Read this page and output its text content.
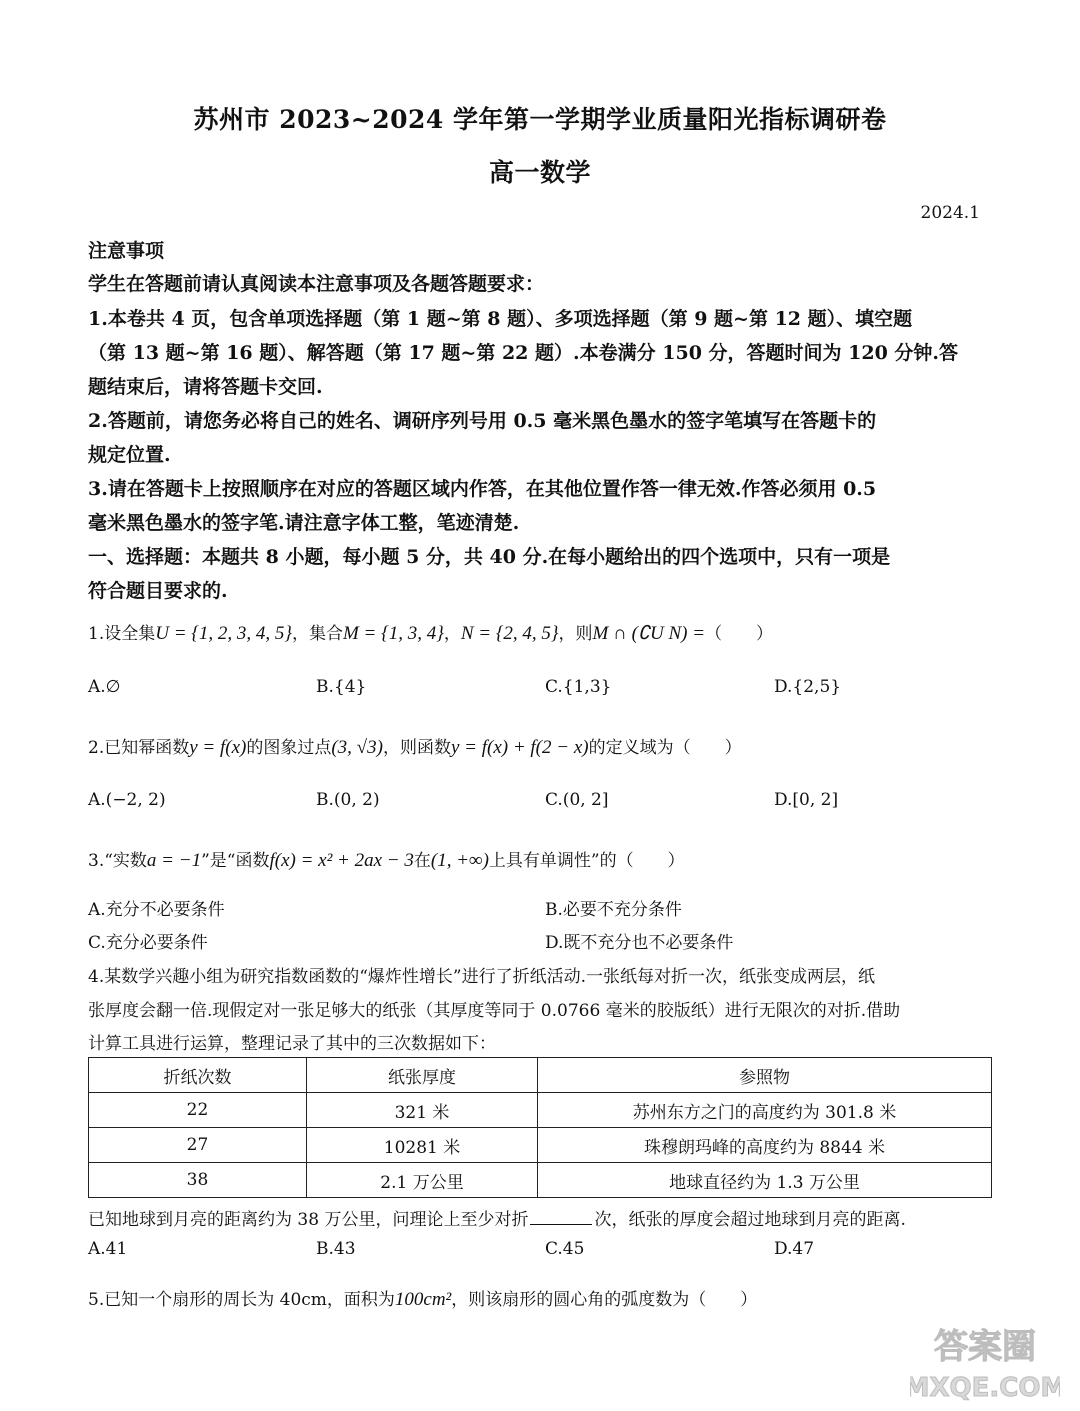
苏州市 2023~2024 学年第一学期学业质量阳光指标调研卷
高一数学
2024.1
注意事项
学生在答题前请认真阅读本注意事项及各题答题要求：
1.本卷共 4 页，包含单项选择题（第 1 题~第 8 题）、多项选择题（第 9 题~第 12 题）、填空题
（第 13 题~第 16 题）、解答题（第 17 题~第 22 题）.本卷满分 150 分，答题时间为 120 分钟.答
题结束后，请将答题卡交回.
2.答题前，请您务必将自己的姓名、调研序列号用 0.5 毫米黑色墨水的签字笔填写在答题卡的
规定位置.
3.请在答题卡上按照顺序在对应的答题区域内作答，在其他位置作答一律无效.作答必须用 0.5
毫米黑色墨水的签字笔.请注意字体工整，笔迹清楚.
一、选择题：本题共 8 小题，每小题 5 分，共 40 分.在每小题给出的四个选项中，只有一项是
符合题目要求的.
1.设全集U = {1, 2, 3, 4, 5}，集合M = {1, 3, 4}，N = {2, 4, 5}，则M ∩ (∁U N) =（　　）
A.∅	B.{4}	C.{1,3}	D.{2,5}
2.已知幂函数y = f(x)的图象过点(3, √3)，则函数y = f(x) + f(2 − x)的定义域为（　　）
A.(−2, 2)	B.(0, 2)	C.(0, 2]	D.[0, 2]
3.“实数a = −1”是“函数f(x) = x² + 2ax − 3在(1, +∞)上具有单调性”的（　　）
A.充分不必要条件	B.必要不充分条件
C.充分必要条件	D.既不充分也不必要条件
4.某数学兴趣小组为研究指数函数的“爆炸性增长”进行了折纸活动.一张纸每对折一次，纸张变成两层，纸
张厚度会翻一倍.现假定对一张足够大的纸张（其厚度等同于 0.0766 毫米的胶版纸）进行无限次的对折.借助
计算工具进行运算，整理记录了其中的三次数据如下：
折纸次数	纸张厚度	参照物
22	321 米	苏州东方之门的高度约为 301.8 米
27	10281 米	珠穆朗玛峰的高度约为 8844 米
38	2.1 万公里	地球直径约为 1.3 万公里
已知地球到月亮的距离约为 38 万公里，问理论上至少对折	次，纸张的厚度会超过地球到月亮的距离.
A.41	B.43	C.45	D.47
5.已知一个扇形的周长为 40cm，面积为100cm²，则该扇形的圆心角的弧度数为（　　）
答案圈
MXQE.COM
